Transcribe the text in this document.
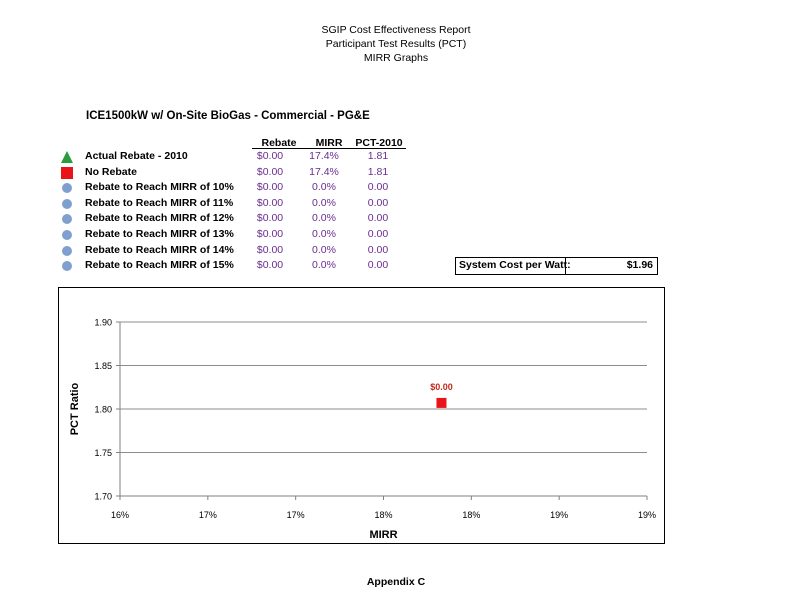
SGIP Cost Effectiveness Report
Participant Test Results (PCT)
MIRR Graphs
ICE1500kW w/ On-Site BioGas - Commercial - PG&E
Rebate	MIRR	PCT-2010
Actual Rebate - 2010	$0.00	17.4%	1.81
No Rebate	$0.00	17.4%	1.81
Rebate to Reach MIRR of 10%	$0.00	0.0%	0.00
Rebate to Reach MIRR of 11%	$0.00	0.0%	0.00
Rebate to Reach MIRR of 12%	$0.00	0.0%	0.00
Rebate to Reach MIRR of 13%	$0.00	0.0%	0.00
Rebate to Reach MIRR of 14%	$0.00	0.0%	0.00
Rebate to Reach MIRR of 15%	$0.00	0.0%	0.00	System Cost per Watt:	$1.96
1.90
1.85
1.80
1.75
1.70
16%	17%	17%	18%	18%	19%	19%
MIRR
PCT Ratio	$0.00
Appendix C
